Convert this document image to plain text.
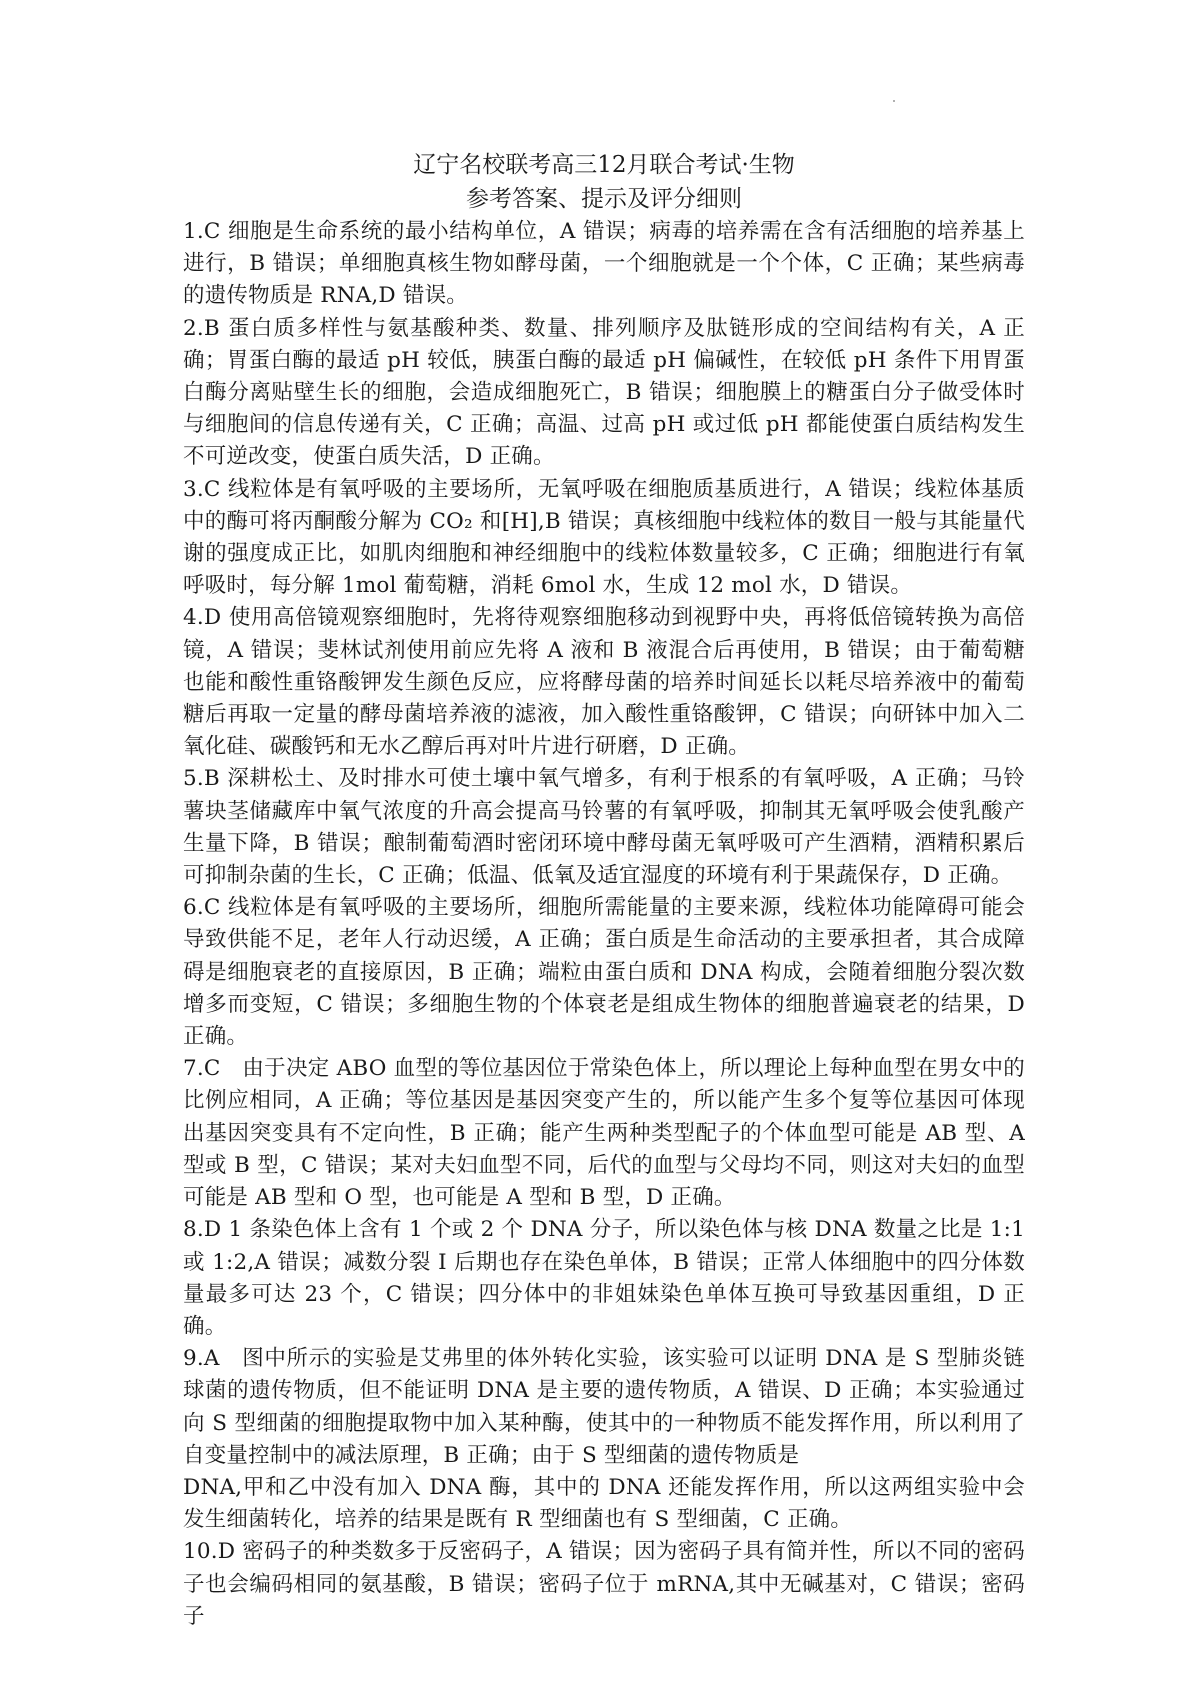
辽宁名校联考高三12月联合考试·生物
参考答案、提示及评分细则

1.C 细胞是生命系统的最小结构单位，A 错误；病毒的培养需在含有活细胞的培养基上进行，B 错误；单细胞真核生物如酵母菌，一个细胞就是一个个体，C 正确；某些病毒的遗传物质是 RNA,D 错误。

2.B 蛋白质多样性与氨基酸种类、数量、排列顺序及肽链形成的空间结构有关，A 正确；胃蛋白酶的最适 pH 较低，胰蛋白酶的最适 pH 偏碱性，在较低 pH 条件下用胃蛋白酶分离贴壁生长的细胞，会造成细胞死亡，B 错误；细胞膜上的糖蛋白分子做受体时与细胞间的信息传递有关，C 正确；高温、过高 pH 或过低 pH 都能使蛋白质结构发生不可逆改变，使蛋白质失活，D 正确。

3.C 线粒体是有氧呼吸的主要场所，无氧呼吸在细胞质基质进行，A 错误；线粒体基质中的酶可将丙酮酸分解为 CO₂ 和[H],B 错误；真核细胞中线粒体的数目一般与其能量代谢的强度成正比，如肌肉细胞和神经细胞中的线粒体数量较多，C 正确；细胞进行有氧呼吸时，每分解 1mol 葡萄糖，消耗 6mol 水，生成 12 mol 水，D 错误。

4.D 使用高倍镜观察细胞时，先将待观察细胞移动到视野中央，再将低倍镜转换为高倍镜，A 错误；斐林试剂使用前应先将 A 液和 B 液混合后再使用，B 错误；由于葡萄糖也能和酸性重铬酸钾发生颜色反应，应将酵母菌的培养时间延长以耗尽培养液中的葡萄糖后再取一定量的酵母菌培养液的滤液，加入酸性重铬酸钾，C 错误；向研钵中加入二氧化硅、碳酸钙和无水乙醇后再对叶片进行研磨，D 正确。

5.B 深耕松土、及时排水可使土壤中氧气增多，有利于根系的有氧呼吸，A 正确；马铃薯块茎储藏库中氧气浓度的升高会提高马铃薯的有氧呼吸，抑制其无氧呼吸会使乳酸产生量下降，B 错误；酿制葡萄酒时密闭环境中酵母菌无氧呼吸可产生酒精，酒精积累后可抑制杂菌的生长，C 正确；低温、低氧及适宜湿度的环境有利于果蔬保存，D 正确。

6.C 线粒体是有氧呼吸的主要场所，细胞所需能量的主要来源，线粒体功能障碍可能会导致供能不足，老年人行动迟缓，A 正确；蛋白质是生命活动的主要承担者，其合成障碍是细胞衰老的直接原因，B 正确；端粒由蛋白质和 DNA 构成，会随着细胞分裂次数增多而变短，C 错误；多细胞生物的个体衰老是组成生物体的细胞普遍衰老的结果，D 正确。

7.C　由于决定 ABO 血型的等位基因位于常染色体上，所以理论上每种血型在男女中的比例应相同，A 正确；等位基因是基因突变产生的，所以能产生多个复等位基因可体现出基因突变具有不定向性，B 正确；能产生两种类型配子的个体血型可能是 AB 型、A 型或 B 型，C 错误；某对夫妇血型不同，后代的血型与父母均不同，则这对夫妇的血型可能是 AB 型和 O 型，也可能是 A 型和 B 型，D 正确。

8.D 1 条染色体上含有 1 个或 2 个 DNA 分子，所以染色体与核 DNA 数量之比是 1:1 或 1:2,A 错误；减数分裂 I 后期也存在染色单体，B 错误；正常人体细胞中的四分体数量最多可达 23 个，C 错误；四分体中的非姐妹染色单体互换可导致基因重组，D 正确。

9.A　图中所示的实验是艾弗里的体外转化实验，该实验可以证明 DNA 是 S 型肺炎链球菌的遗传物质，但不能证明 DNA 是主要的遗传物质，A 错误、D 正确；本实验通过向 S 型细菌的细胞提取物中加入某种酶，使其中的一种物质不能发挥作用，所以利用了自变量控制中的减法原理，B 正确；由于 S 型细菌的遗传物质是

DNA,甲和乙中没有加入 DNA 酶，其中的 DNA 还能发挥作用，所以这两组实验中会发生细菌转化，培养的结果是既有 R 型细菌也有 S 型细菌，C 正确。

10.D 密码子的种类数多于反密码子，A 错误；因为密码子具有简并性，所以不同的密码子也会编码相同的氨基酸，B 错误；密码子位于 mRNA,其中无碱基对，C 错误；密码子
